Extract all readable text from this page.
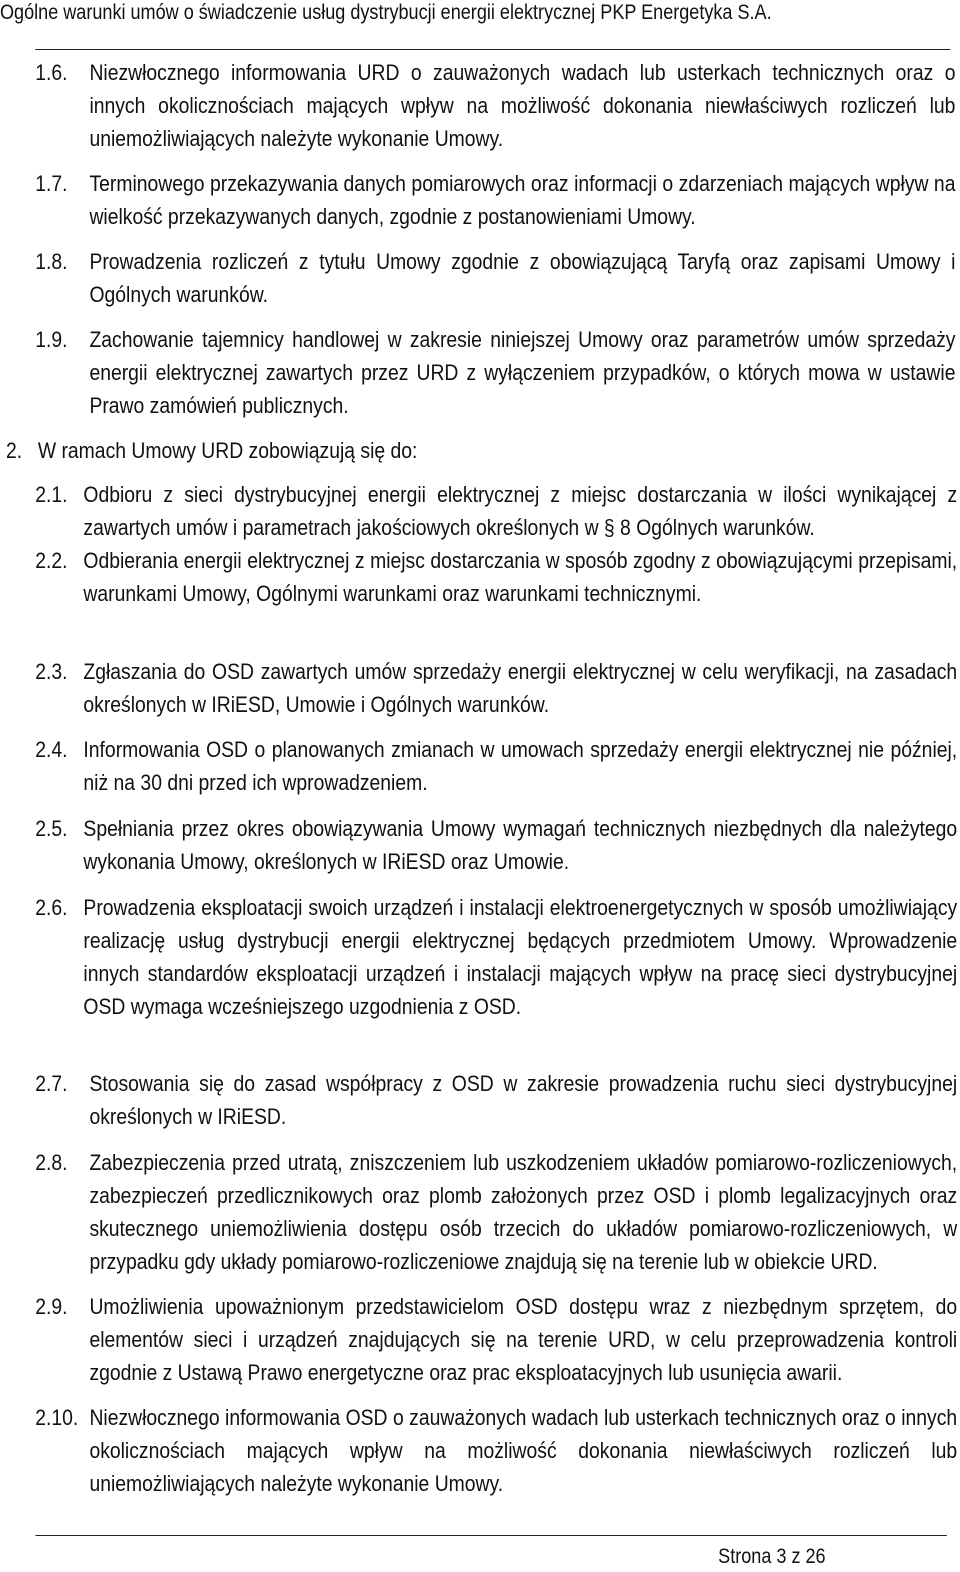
Ogólne warunki umów o świadczenie usług dystrybucji energii elektrycznej PKP Energetyka S.A.
1.6. Niezwłocznego informowania URD o zauważonych wadach lub usterkach technicznych oraz o innych okolicznościach mających wpływ na możliwość dokonania niewłaściwych rozliczeń lub uniemożliwiających należyte wykonanie Umowy.
1.7. Terminowego przekazywania danych pomiarowych oraz informacji o zdarzeniach mających wpływ na wielkość przekazywanych danych, zgodnie z postanowieniami Umowy.
1.8. Prowadzenia rozliczeń z tytułu Umowy zgodnie z obowiązującą Taryfą oraz zapisami Umowy i Ogólnych warunków.
1.9. Zachowanie tajemnicy handlowej w zakresie niniejszej Umowy oraz parametrów umów sprzedaży energii elektrycznej zawartych przez URD z wyłączeniem przypadków, o których mowa w ustawie Prawo zamówień publicznych.
2. W ramach Umowy URD zobowiązują się do:
2.1. Odbioru z sieci dystrybucyjnej energii elektrycznej z miejsc dostarczania w ilości wynikającej z zawartych umów i parametrach jakościowych określonych w § 8 Ogólnych warunków.
2.2. Odbierania energii elektrycznej z miejsc dostarczania w sposób zgodny z obowiązującymi przepisami, warunkami Umowy, Ogólnymi warunkami oraz warunkami technicznymi.
2.3. Zgłaszania do OSD zawartych umów sprzedaży energii elektrycznej w celu weryfikacji, na zasadach określonych w IRiESD, Umowie i Ogólnych warunków.
2.4. Informowania OSD o planowanych zmianach w umowach sprzedaży energii elektrycznej nie później, niż na 30 dni przed ich wprowadzeniem.
2.5. Spełniania przez okres obowiązywania Umowy wymagań technicznych niezbędnych dla należytego wykonania Umowy, określonych w IRiESD oraz Umowie.
2.6. Prowadzenia eksploatacji swoich urządzeń i instalacji elektroenergetycznych w sposób umożliwiający realizację usług dystrybucji energii elektrycznej będących przedmiotem Umowy. Wprowadzenie innych standardów eksploatacji urządzeń i instalacji mających wpływ na pracę sieci dystrybucyjnej OSD wymaga wcześniejszego uzgodnienia z OSD.
2.7. Stosowania się do zasad współpracy z OSD w zakresie prowadzenia ruchu sieci dystrybucyjnej określonych w IRiESD.
2.8. Zabezpieczenia przed utratą, zniszczeniem lub uszkodzeniem układów pomiarowo-rozliczeniowych, zabezpieczeń przedlicznikowych oraz plomb założonych przez OSD i plomb legalizacyjnych oraz skutecznego uniemożliwienia dostępu osób trzecich do układów pomiarowo-rozliczeniowych, w przypadku gdy układy pomiarowo-rozliczeniowe znajdują się na terenie lub w obiekcie URD.
2.9. Umożliwienia upoważnionym przedstawicielom OSD dostępu wraz z niezbędnym sprzętem, do elementów sieci i urządzeń znajdujących się na terenie URD, w celu przeprowadzenia kontroli zgodnie z Ustawą Prawo energetyczne oraz prac eksploatacyjnych lub usunięcia awarii.
2.10. Niezwłocznego informowania OSD o zauważonych wadach lub usterkach technicznych oraz o innych okolicznościach mających wpływ na możliwość dokonania niewłaściwych rozliczeń lub uniemożliwiających należyte wykonanie Umowy.
Strona 3 z 26
